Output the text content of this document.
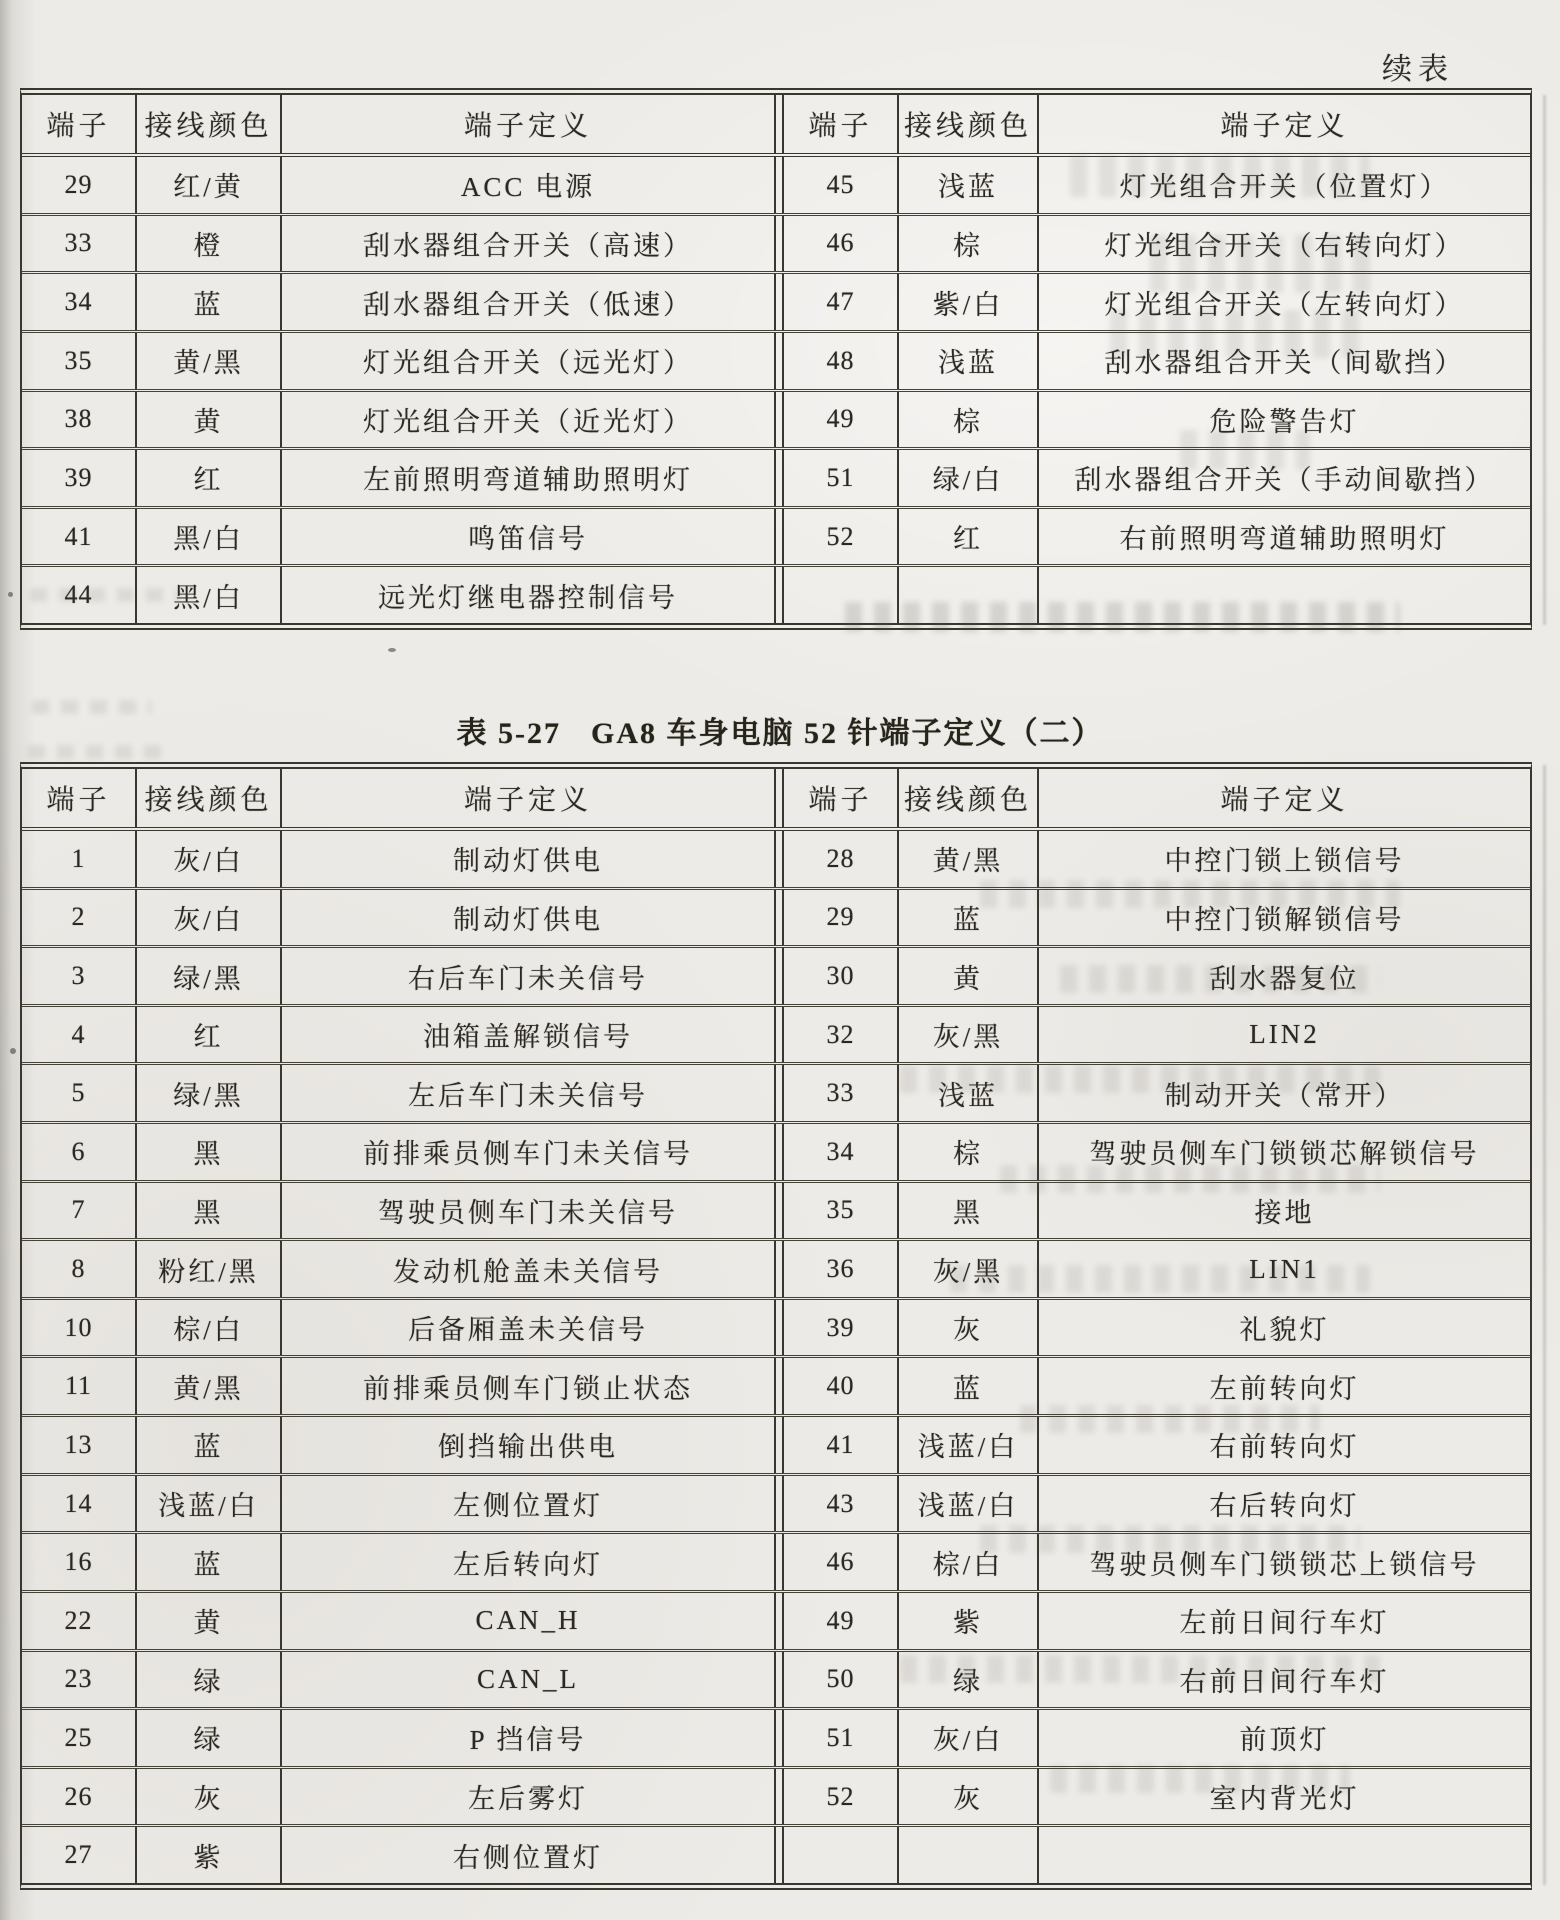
续表
端子	接线颜色	端子定义	端子	接线颜色	端子定义
29	红/黄	ACC 电源	45	浅蓝	灯光组合开关（位置灯）
33	橙	刮水器组合开关（高速）	46	棕	灯光组合开关（右转向灯）
34	蓝	刮水器组合开关（低速）	47	紫/白	灯光组合开关（左转向灯）
35	黄/黑	灯光组合开关（远光灯）	48	浅蓝	刮水器组合开关（间歇挡）
38	黄	灯光组合开关（近光灯）	49	棕	危险警告灯
39	红	左前照明弯道辅助照明灯	51	绿/白	刮水器组合开关（手动间歇挡）
41	黑/白	鸣笛信号	52	红	右前照明弯道辅助照明灯
44	黑/白	远光灯继电器控制信号
表 5-27 GA8 车身电脑 52 针端子定义（二）
端子	接线颜色	端子定义	端子	接线颜色	端子定义
1	灰/白	制动灯供电	28	黄/黑	中控门锁上锁信号
2	灰/白	制动灯供电	29	蓝	中控门锁解锁信号
3	绿/黑	右后车门未关信号	30	黄	刮水器复位
4	红	油箱盖解锁信号	32	灰/黑	LIN2
5	绿/黑	左后车门未关信号	33	浅蓝	制动开关（常开）
6	黑	前排乘员侧车门未关信号	34	棕	驾驶员侧车门锁锁芯解锁信号
7	黑	驾驶员侧车门未关信号	35	黑	接地
8	粉红/黑	发动机舱盖未关信号	36	灰/黑	LIN1
10	棕/白	后备厢盖未关信号	39	灰	礼貌灯
11	黄/黑	前排乘员侧车门锁止状态	40	蓝	左前转向灯
13	蓝	倒挡输出供电	41	浅蓝/白	右前转向灯
14	浅蓝/白	左侧位置灯	43	浅蓝/白	右后转向灯
16	蓝	左后转向灯	46	棕/白	驾驶员侧车门锁锁芯上锁信号
22	黄	CAN_H	49	紫	左前日间行车灯
23	绿	CAN_L	50	绿	右前日间行车灯
25	绿	P 挡信号	51	灰/白	前顶灯
26	灰	左后雾灯	52	灰	室内背光灯
27	紫	右侧位置灯
